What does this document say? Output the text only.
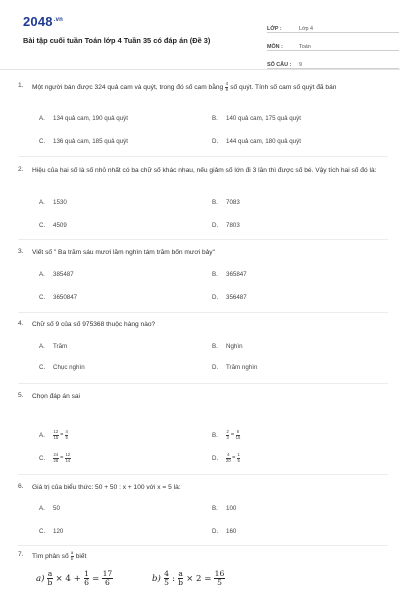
$2048^{.vn}$
Bài tập cuối tuần Toán lớp 4 Tuần 35 có đáp án (Đề 3)
LỚP :	Lớp 4
MÔN :	Toán
SỐ CÂU :	9
1. Một người bán được 324 quả cam và quýt, trong đó số cam bằng $\frac{4}{9}$ số quýt. Tính số cam số quýt đã bán
A. 134 quả cam, 190 quả quýt	B. 140 quả cam, 175 quả quýt
C. 136 quả cam, 185 quả quýt	D. 144 quả cam, 180 quả quýt
2. Hiệu của hai số là số nhỏ nhất có ba chữ số khác nhau, nếu giảm số lớn đi 3 lần thì được số bé. Vậy tích hai số đó là:
A. 1530	B. 7083
C. 4509	D. 7803
3. Viết số " Ba trăm sáu mươi lăm nghìn tám trăm bốn mươi bảy"
A. 385487	B. 365847
C. 3650847	D. 356487
4. Chữ số 9 của số 975368 thuộc hàng nào?
A. Trăm	B. Nghìn
C. Chục nghìn	D. Trăm nghìn
5. Chọn đáp án sai
A. $\frac{12}{15} = \frac{4}{5}$	B. $\frac{2}{3} = \frac{6}{15}$
C. $\frac{24}{28} = \frac{12}{14}$	D. $\frac{4}{20} = \frac{1}{5}$
6. Giá trị của biểu thức: 50 + 50 : x + 100 với x = 5 là:
A. 50	B. 100
C. 120	D. 160
7. Tìm phân số $\frac{a}{b}$ biết
$a) \frac{a}{b} \times 4 + \frac{1}{6} = \frac{17}{6}$	$b) \frac{4}{5}$ : $\frac{a}{b} \times 2 = \frac{16}{5}$
